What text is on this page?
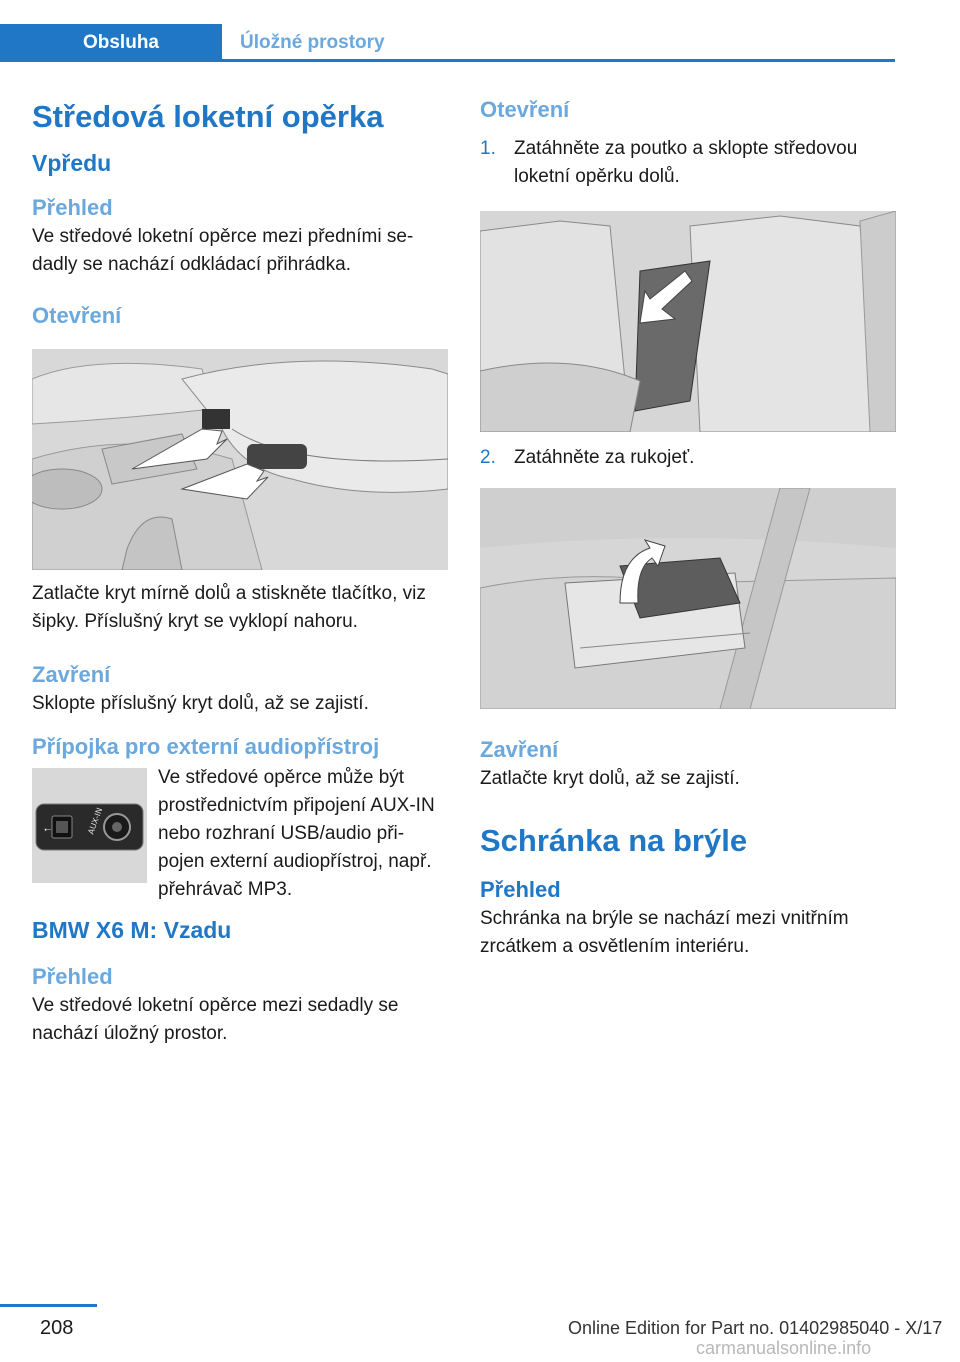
Obsluha	Úložné prostory
Středová loketní opěrka
Vpředu
Přehled

Ve středové loketní opěrce mezi předními se‐dadly se nachází odkládací přihrádka.

Otevření

Zatlačte kryt mírně dolů a stiskněte tlačítko, viz šipky. Příslušný kryt se vyklopí nahoru.

Zavření

Sklopte příslušný kryt dolů, až se zajistí.

Přípojka pro externí audiopřístroj
⭠	AUX-IN

Ve středové opěrce může být prostřednictvím připojení AUX-IN nebo rozhraní USB/audio při‐pojen externí audiopřístroj, např. přehrávač MP3.

BMW X6 M: Vzadu
Přehled

Ve středové loketní opěrce mezi sedadly se nachází úložný prostor.

Otevření
1. Zatáhněte za poutko a sklopte středovou loketní opěrku dolů.
2. Zatáhněte za rukojeť.
Zavření

Zatlačte kryt dolů, až se zajistí.

Schránka na brýle
Přehled

Schránka na brýle se nachází mezi vnitřním zrcátkem a osvětlením interiéru.

208	Online Edition for Part no. 01402985040 - X/17
carmanualsonline.info
